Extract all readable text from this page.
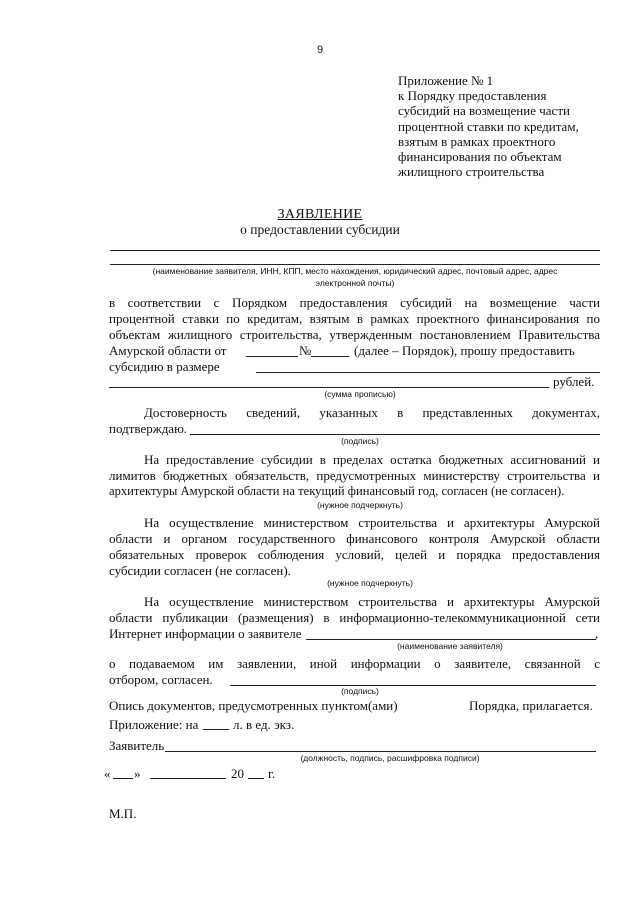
9
Приложение № 1
к Порядку предоставления
субсидий на возмещение части
процентной ставки по кредитам,
взятым в рамках проектного
финансирования по объектам
жилищного строительства
ЗАЯВЛЕНИЕ
о предоставлении субсидии
(наименование заявителя, ИНН, КПП, место нахождения, юридический адрес, почтовый адрес, адрес
электронной почты)
в соответствии с Порядком предоставления субсидий на возмещение части
процентной ставки по кредитам, взятым в рамках проектного финансирования по
объектам жилищного строительства, утвержденным постановлением Правительства
Амурской области от	№	(далее – Порядок), прошу предоставить
субсидию в размере
рублей.
(сумма прописью)
Достоверность сведений, указанных в представленных документах,
подтверждаю.
(подпись)
На предоставление субсидии в пределах остатка бюджетных ассигнований и
лимитов бюджетных обязательств, предусмотренных министерству строительства и
архитектуры Амурской области на текущий финансовый год, согласен (не согласен).
(нужное подчеркнуть)
На осуществление министерством строительства и архитектуры Амурской
области и органом государственного финансового контроля Амурской области
обязательных проверок соблюдения условий, целей и порядка предоставления
субсидии согласен (не согласен).
(нужное подчеркнуть)
На осуществление министерством строительства и архитектуры Амурской
области публикации (размещения) в информационно-телекоммуникационной сети
Интернет информации о заявителе	,
(наименование заявителя)
о подаваемом им заявлении, иной информации о заявителе, связанной с
отбором, согласен.
(подпись)
Опись документов, предусмотренных пунктом(ами)	Порядка, прилагается.
Приложение: на	л. в ед. экз.
Заявитель
(должность, подпись, расшифровка подписи)
« »	20 г.
М.П.
